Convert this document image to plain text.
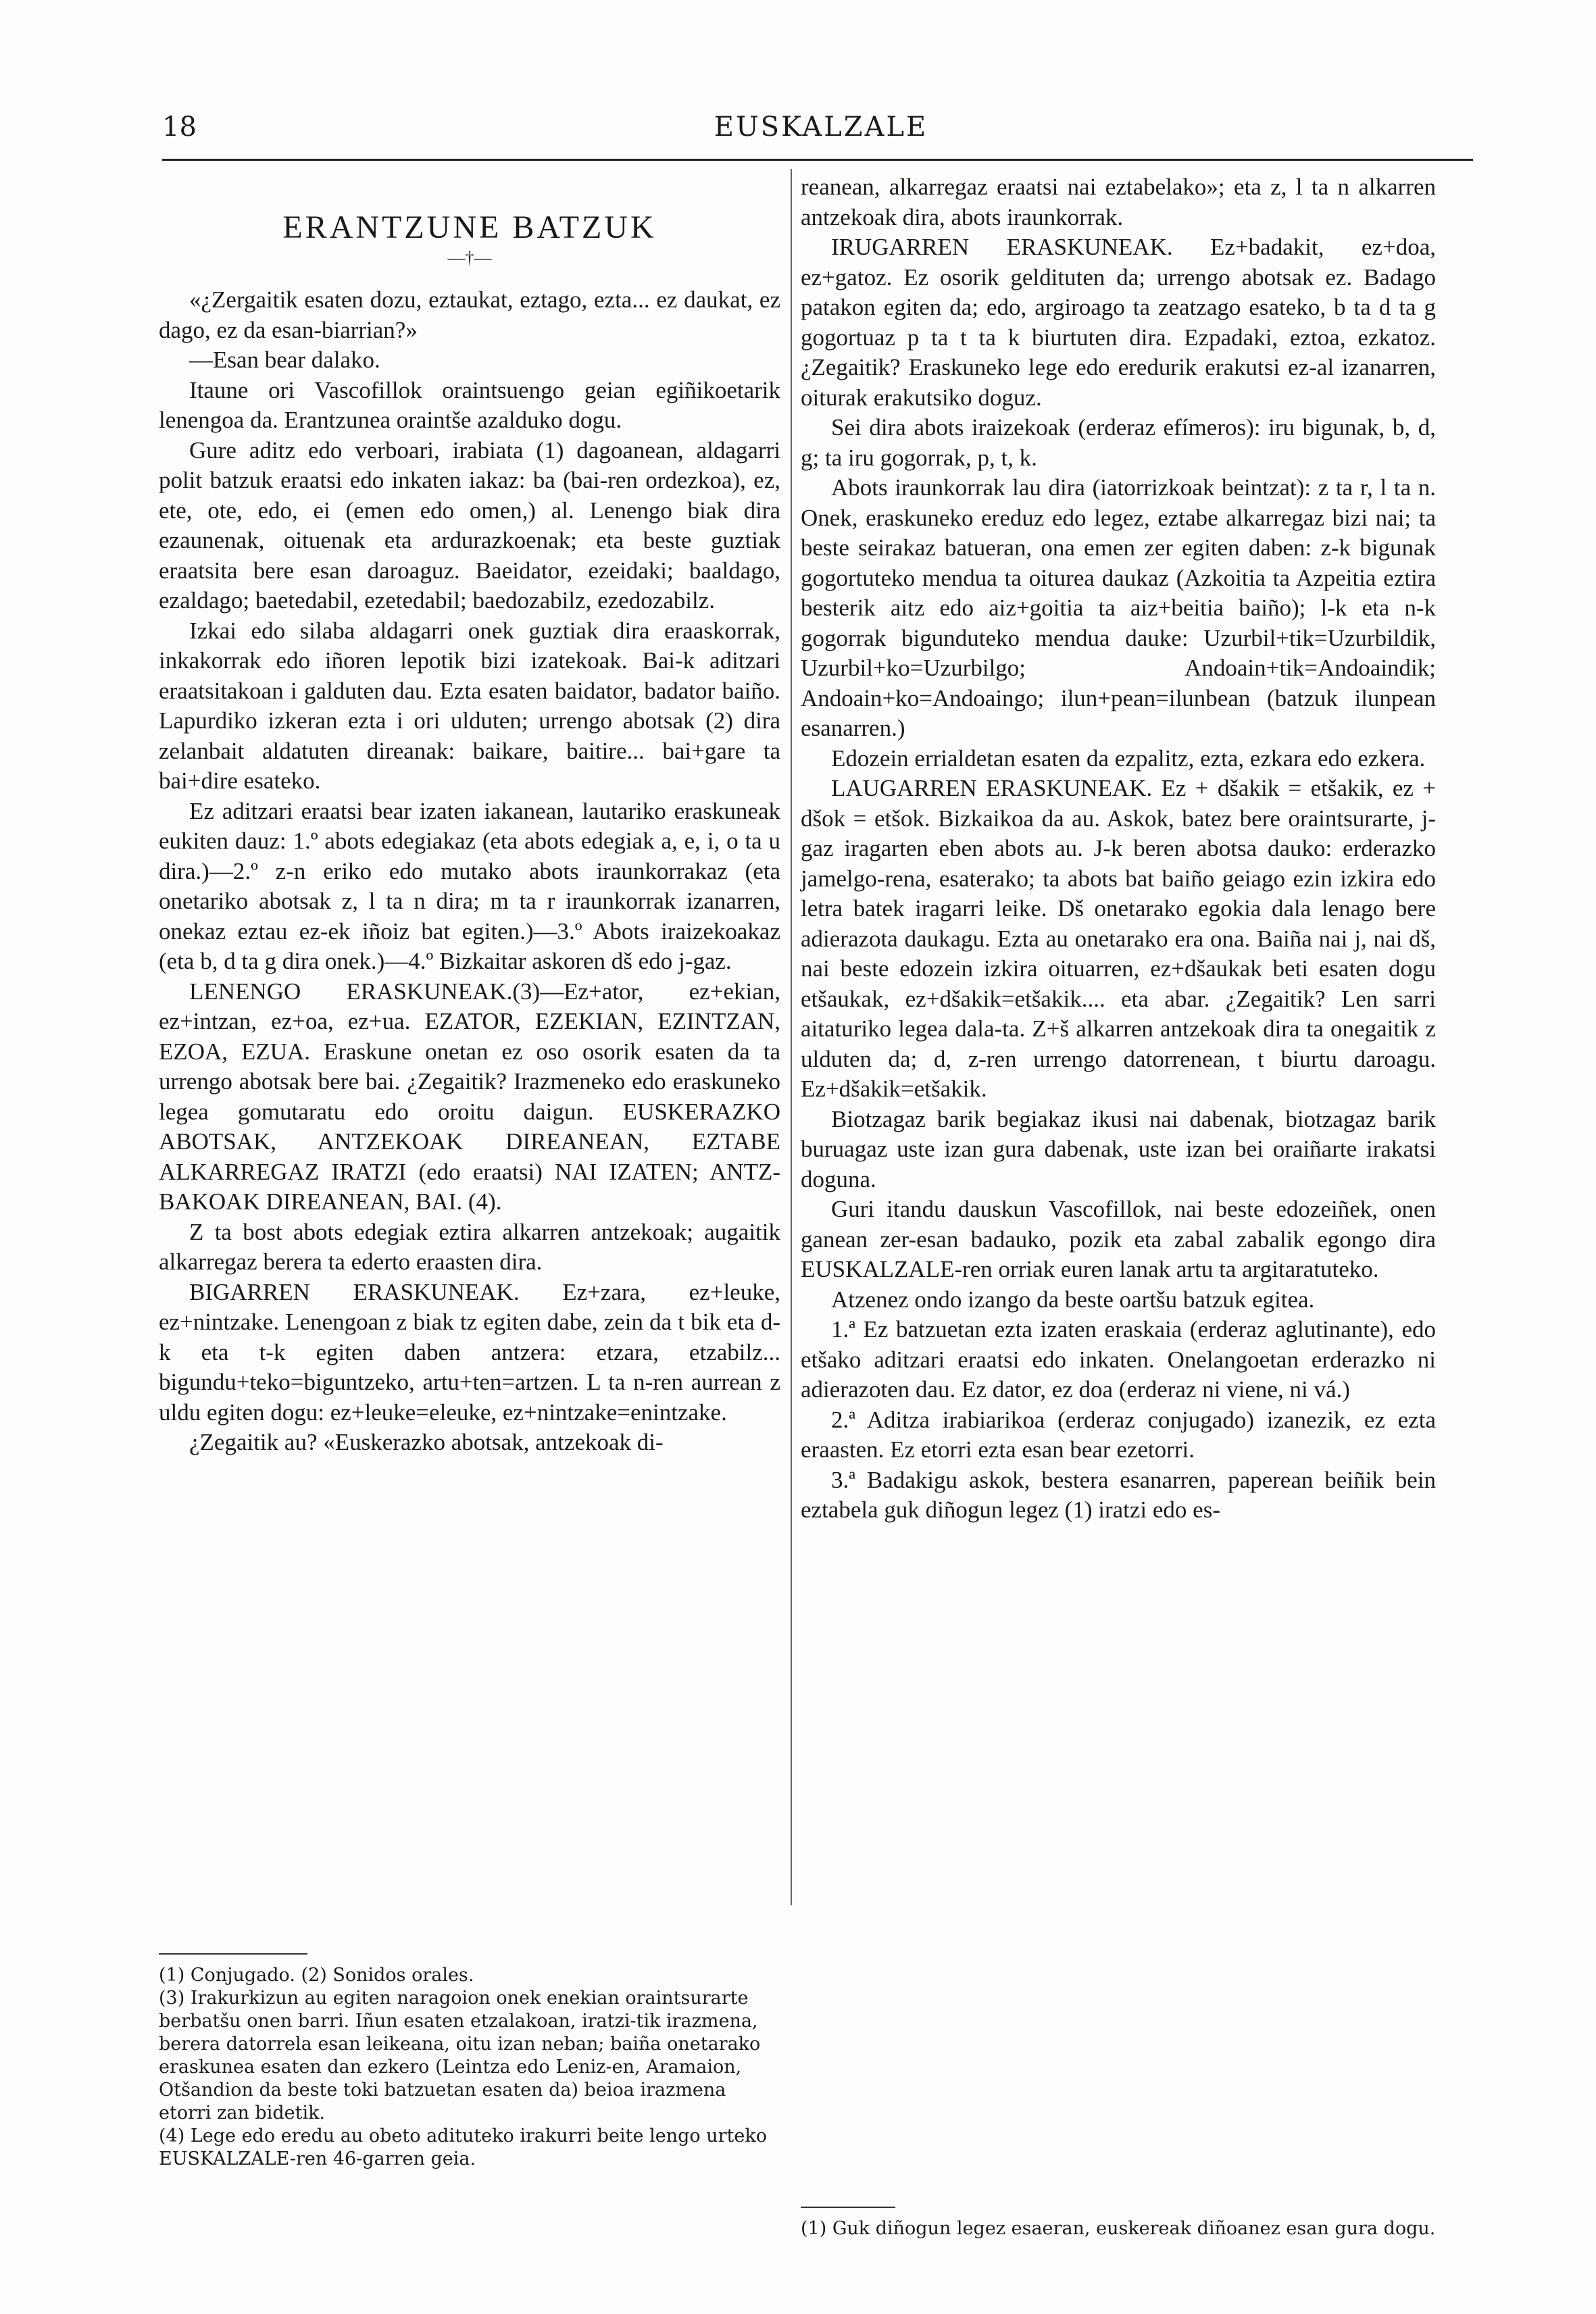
18	EUSKALZALE
ERANTZUNE BATZUK
—†—

«¿Zergaitik esaten dozu, eztaukat, eztago, ezta... ez daukat, ez dago, ez da esan-biarrian?»

—Esan bear dalako.

Itaune ori Vascofillok oraintsuengo geian egiñikoetarik lenengoa da. Erantzunea oraintše azalduko dogu.

Gure aditz edo verboari, irabiata (1) dagoanean, aldagarri polit batzuk eraatsi edo inkaten iakaz: ba (bai-ren ordezkoa), ez, ete, ote, edo, ei (emen edo omen,) al. Lenengo biak dira ezaunenak, oituenak eta ardurazkoenak; eta beste guztiak eraatsita bere esan daroaguz. Baeidator, ezeidaki; baaldago, ezaldago; baetedabil, ezetedabil; baedozabilz, ezedozabilz.

Izkai edo silaba aldagarri onek guztiak dira eraaskorrak, inkakorrak edo iñoren lepotik bizi izatekoak. Bai-k aditzari eraatsitakoan i galduten dau. Ezta esaten baidator, badator baiño. Lapurdiko izkeran ezta i ori ulduten; urrengo abotsak (2) dira zelanbait aldatuten direanak: baikare, baitire... bai+gare ta bai+dire esateko.

Ez aditzari eraatsi bear izaten iakanean, lautariko eraskuneak eukiten dauz: 1.º abots edegiakaz (eta abots edegiak a, e, i, o ta u dira.)—2.º z-n eriko edo mutako abots iraunkorrakaz (eta onetariko abotsak z, l ta n dira; m ta r iraunkorrak izanarren, onekaz eztau ez-ek iñoiz bat egiten.)—3.º Abots iraizekoakaz (eta b, d ta g dira onek.)—4.º Bizkaitar askoren dš edo j-gaz.

LENENGO ERASKUNEAK.(3)—Ez+ator, ez+ekian, ez+intzan, ez+oa, ez+ua. EZATOR, EZEKIAN, EZINTZAN, EZOA, EZUA. Eraskune onetan ez oso osorik esaten da ta urrengo abotsak bere bai. ¿Zegaitik? Irazmeneko edo eraskuneko legea gomutaratu edo oroitu daigun. EUSKERAZKO ABOTSAK, ANTZEKOAK DIREANEAN, EZTABE ALKARREGAZ IRATZI (edo eraatsi) NAI IZATEN; ANTZ-BAKOAK DIREANEAN, BAI. (4).

Z ta bost abots edegiak eztira alkarren antzekoak; augaitik alkarregaz berera ta ederto eraasten dira.

BIGARREN ERASKUNEAK. Ez+zara, ez+leuke, ez+nintzake. Lenengoan z biak tz egiten dabe, zein da t bik eta d-k eta t-k egiten daben antzera: etzara, etzabilz... bigundu+teko=biguntzeko, artu+ten=artzen. L ta n-ren aurrean z uldu egiten dogu: ez+leuke=eleuke, ez+nintzake=enintzake.

¿Zegaitik au? «Euskerazko abotsak, antzekoak di-

(1) Conjugado. (2) Sonidos orales.

(3) Irakurkizun au egiten naragoion onek enekian oraintsurarte berbatšu onen barri. Iñun esaten etzalakoan, iratzi-tik irazmena, berera datorrela esan leikeana, oitu izan neban; baiña onetarako eraskunea esaten dan ezkero (Leintza edo Leniz-en, Aramaion, Otšandion da beste toki batzuetan esaten da) beioa irazmena etorri zan bidetik.

(4) Lege edo eredu au obeto adituteko irakurri beite lengo urteko EUSKALZALE-ren 46-garren geia.

reanean, alkarregaz eraatsi nai eztabelako»; eta z, l ta n alkarren antzekoak dira, abots iraunkorrak.

IRUGARREN ERASKUNEAK. Ez+badakit, ez+doa, ez+gatoz. Ez osorik geldituten da; urrengo abotsak ez. Badago patakon egiten da; edo, argiroago ta zeatzago esateko, b ta d ta g gogortuaz p ta t ta k biurtuten dira. Ezpadaki, eztoa, ezkatoz. ¿Zegaitik? Eraskuneko lege edo eredurik erakutsi ez-al izanarren, oiturak erakutsiko doguz.

Sei dira abots iraizekoak (erderaz efímeros): iru bigunak, b, d, g; ta iru gogorrak, p, t, k.

Abots iraunkorrak lau dira (iatorrizkoak beintzat): z ta r, l ta n. Onek, eraskuneko ereduz edo legez, eztabe alkarregaz bizi nai; ta beste seirakaz batueran, ona emen zer egiten daben: z-k bigunak gogortuteko mendua ta oiturea daukaz (Azkoitia ta Azpeitia eztira besterik aitz edo aiz+goitia ta aiz+beitia baiño); l-k eta n-k gogorrak bigunduteko mendua dauke: Uzurbil+tik=Uzurbildik, Uzurbil+ko=Uzurbilgo; Andoain+tik=Andoaindik; Andoain+ko=Andoaingo; ilun+pean=ilunbean (batzuk ilunpean esanarren.)

Edozein errialdetan esaten da ezpalitz, ezta, ezkara edo ezkera.

LAUGARREN ERASKUNEAK. Ez + dšakik = etšakik, ez + dšok = etšok. Bizkaikoa da au. Askok, batez bere oraintsurarte, j-gaz iragarten eben abots au. J-k beren abotsa dauko: erderazko jamelgo-rena, esaterako; ta abots bat baiño geiago ezin izkira edo letra batek iragarri leike. Dš onetarako egokia dala lenago bere adierazota daukagu. Ezta au onetarako era ona. Baiña nai j, nai dš, nai beste edozein izkira oituarren, ez+dšaukak beti esaten dogu etšaukak, ez+dšakik=etšakik.... eta abar. ¿Zegaitik? Len sarri aitaturiko legea dala-ta. Z+š alkarren antzekoak dira ta onegaitik z ulduten da; d, z-ren urrengo datorrenean, t biurtu daroagu. Ez+dšakik=etšakik.

Biotzagaz barik begiakaz ikusi nai dabenak, biotzagaz barik buruagaz uste izan gura dabenak, uste izan bei oraiñarte irakatsi doguna.

Guri itandu dauskun Vascofillok, nai beste edozeiñek, onen ganean zer-esan badauko, pozik eta zabal zabalik egongo dira EUSKALZALE-ren orriak euren lanak artu ta argitaratuteko.

Atzenez ondo izango da beste oartšu batzuk egitea.

1.ª Ez batzuetan ezta izaten eraskaia (erderaz aglutinante), edo etšako aditzari eraatsi edo inkaten. Onelangoetan erderazko ni adierazoten dau. Ez dator, ez doa (erderaz ni viene, ni vá.)

2.ª Aditza irabiarikoa (erderaz conjugado) izanezik, ez ezta eraasten. Ez etorri ezta esan bear ezetorri.

3.ª Badakigu askok, bestera esanarren, paperean beiñik bein eztabela guk diñogun legez (1) iratzi edo es-

(1) Guk diñogun legez esaeran, euskereak diñoanez esan gura dogu.
